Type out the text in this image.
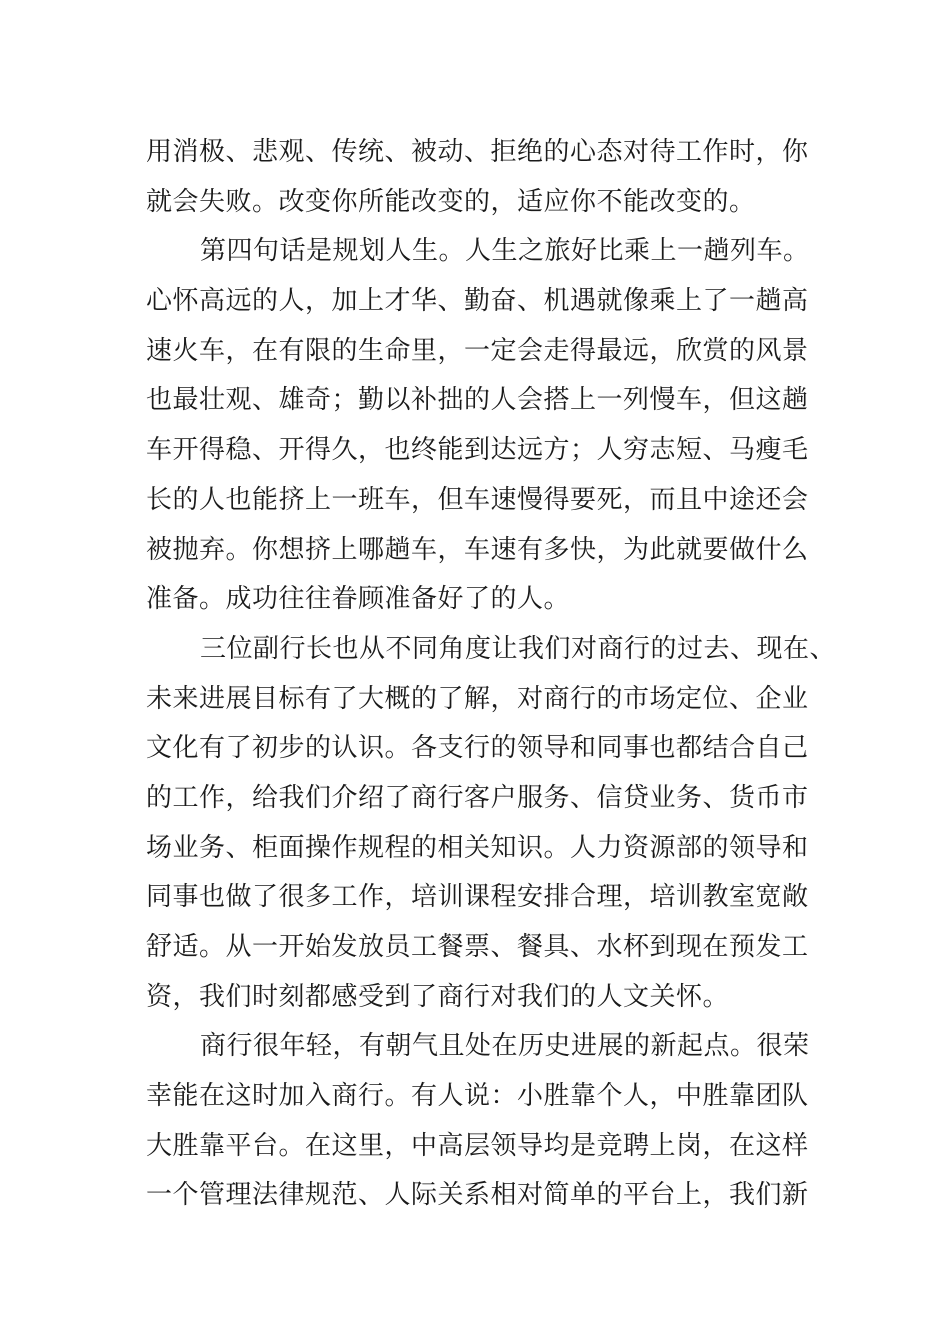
用消极、悲观、传统、被动、拒绝的心态对待工作时，你
就会失败。改变你所能改变的，适应你不能改变的。
第四句话是规划人生。人生之旅好比乘上一趟列车。
心怀高远的人，加上才华、勤奋、机遇就像乘上了一趟高
速火车，在有限的生命里，一定会走得最远，欣赏的风景
也最壮观、雄奇；勤以补拙的人会搭上一列慢车，但这趟
车开得稳、开得久，也终能到达远方；人穷志短、马瘦毛
长的人也能挤上一班车，但车速慢得要死，而且中途还会
被抛弃。你想挤上哪趟车，车速有多快，为此就要做什么
准备。成功往往眷顾准备好了的人。
三位副行长也从不同角度让我们对商行的过去、现在、
未来进展目标有了大概的了解，对商行的市场定位、企业
文化有了初步的认识。各支行的领导和同事也都结合自己
的工作，给我们介绍了商行客户服务、信贷业务、货币市
场业务、柜面操作规程的相关知识。人力资源部的领导和
同事也做了很多工作，培训课程安排合理，培训教室宽敞
舒适。从一开始发放员工餐票、餐具、水杯到现在预发工
资，我们时刻都感受到了商行对我们的人文关怀。
商行很年轻，有朝气且处在历史进展的新起点。很荣
幸能在这时加入商行。有人说：小胜靠个人，中胜靠团队
大胜靠平台。在这里，中高层领导均是竞聘上岗，在这样
一个管理法律规范、人际关系相对简单的平台上，我们新
